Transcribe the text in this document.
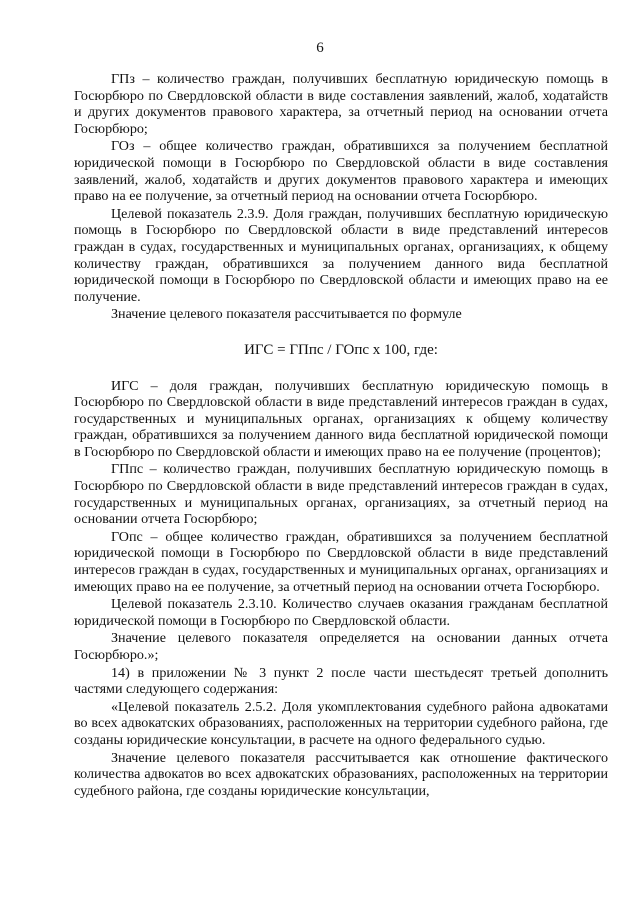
6

ГПз – количество граждан, получивших бесплатную юридическую помощь в Госюрбюро по Свердловской области в виде составления заявлений, жалоб, ходатайств и других документов правового характера, за отчетный период на основании отчета Госюрбюро;

ГОз – общее количество граждан, обратившихся за получением бесплатной юридической помощи в Госюрбюро по Свердловской области в виде составления заявлений, жалоб, ходатайств и других документов правового характера и имеющих право на ее получение, за отчетный период на основании отчета Госюрбюро.

Целевой показатель 2.3.9. Доля граждан, получивших бесплатную юридическую помощь в Госюрбюро по Свердловской области в виде представлений интересов граждан в судах, государственных и муниципальных органах, организациях, к общему количеству граждан, обратившихся за получением данного вида бесплатной юридической помощи в Госюрбюро по Свердловской области и имеющих право на ее получение.

Значение целевого показателя рассчитывается по формуле

ИГС = ГПпс / ГОпс x 100, где:

ИГС – доля граждан, получивших бесплатную юридическую помощь в Госюрбюро по Свердловской области в виде представлений интересов граждан в судах, государственных и муниципальных органах, организациях к общему количеству граждан, обратившихся за получением данного вида бесплатной юридической помощи в Госюрбюро по Свердловской области и имеющих право на ее получение (процентов);

ГПпс – количество граждан, получивших бесплатную юридическую помощь в Госюрбюро по Свердловской области в виде представлений интересов граждан в судах, государственных и муниципальных органах, организациях, за отчетный период на основании отчета Госюрбюро;

ГОпс – общее количество граждан, обратившихся за получением бесплатной юридической помощи в Госюрбюро по Свердловской области в виде представлений интересов граждан в судах, государственных и муниципальных органах, организациях и имеющих право на ее получение, за отчетный период на основании отчета Госюрбюро.

Целевой показатель 2.3.10. Количество случаев оказания гражданам бесплатной юридической помощи в Госюрбюро по Свердловской области.

Значение целевого показателя определяется на основании данных отчета Госюрбюро.»;

14) в приложении № 3 пункт 2 после части шестьдесят третьей дополнить частями следующего содержания:

«Целевой показатель 2.5.2. Доля укомплектования судебного района адвокатами во всех адвокатских образованиях, расположенных на территории судебного района, где созданы юридические консультации, в расчете на одного федерального судью.

Значение целевого показателя рассчитывается как отношение фактического количества адвокатов во всех адвокатских образованиях, расположенных на территории судебного района, где созданы юридические консультации,
